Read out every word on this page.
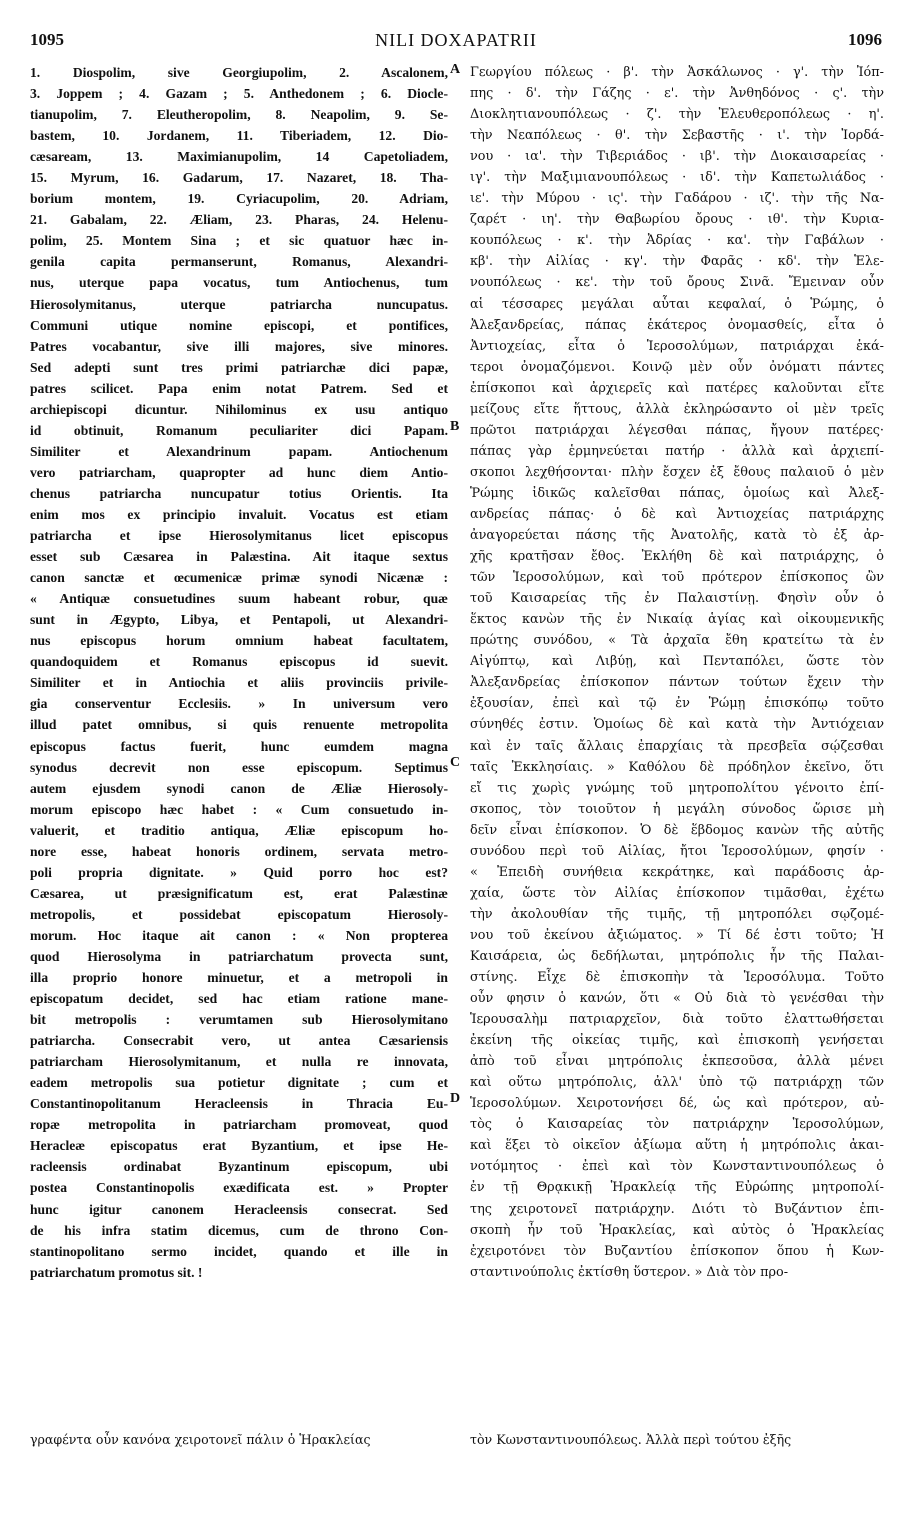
1095	NILI DOXAPATRII	1096
1. Diospolim, sive Georgiupolim, 2. Ascalonem,
3. Joppem ; 4. Gazam ; 5. Anthedonem ; 6. Diocle-
tianupolim, 7. Eleutheropolim, 8. Neapolim, 9. Se-
bastem, 10. Jordanem, 11. Tiberiadem, 12. Dio-
cæsaream, 13. Maximianupolim, 14 Capetoliadem,
15. Myrum, 16. Gadarum, 17. Nazaret, 18. Tha-
borium montem, 19. Cyriacupolim, 20. Adriam,
21. Gabalam, 22. Æliam, 23. Pharas, 24. Helenu-
polim, 25. Montem Sina ; et sic quatuor hæc in-
genila capita permanserunt, Romanus, Alexandri-
nus, uterque papa vocatus, tum Antiochenus, tum
Hierosolymitanus, uterque patriarcha nuncupatus.
Communi utique nomine episcopi, et pontifices,
Patres vocabantur, sive illi majores, sive minores.
Sed adepti sunt tres primi patriarchæ dici papæ,
patres scilicet. Papa enim notat Patrem. Sed et
archiepiscopi dicuntur. Nihilominus ex usu antiquo
id obtinuit, Romanum peculiariter dici Papam.
Similiter et Alexandrinum papam. Antiochenum
vero patriarcham, quapropter ad hunc diem Antio-
chenus patriarcha nuncupatur totius Orientis. Ita
enim mos ex principio invaluit. Vocatus est etiam
patriarcha et ipse Hierosolymitanus licet episcopus
esset sub Cæsarea in Palæstina. Ait itaque sextus
canon sanctæ et œcumenicæ primæ synodi Nicænæ :
« Antiquæ consuetudines suum habeant robur, quæ
sunt in Ægypto, Libya, et Pentapoli, ut Alexandri-
nus episcopus horum omnium habeat facultatem,
quandoquidem et Romanus episcopus id suevit.
Similiter et in Antiochia et aliis provinciis privile-
gia conserventur Ecclesiis. » In universum vero
illud patet omnibus, si quis renuente metropolita
episcopus factus fuerit, hunc eumdem magna
synodus decrevit non esse episcopum. Septimus
autem ejusdem synodi canon de Æliæ Hierosoly-
morum episcopo hæc habet : « Cum consuetudo in-
valuerit, et traditio antiqua, Æliæ episcopum ho-
nore esse, habeat honoris ordinem, servata metro-
poli propria dignitate. » Quid porro hoc est?
Cæsarea, ut præsignificatum est, erat Palæstinæ
metropolis, et possidebat episcopatum Hierosoly-
morum. Hoc itaque ait canon : « Non propterea
quod Hierosolyma in patriarchatum provecta sunt,
illa proprio honore minuetur, et a metropoli in
episcopatum decidet, sed hac etiam ratione mane-
bit metropolis : verumtamen sub Hierosolymitano
patriarcha. Consecrabit vero, ut antea Cæsariensis
patriarcham Hierosolymitanum, et nulla re innovata,
eadem metropolis sua potietur dignitate ; cum et
Constantinopolitanum Heracleensis in Thracia Eu-
ropæ metropolita in patriarcham promoveat, quod
Heracleæ episcopatus erat Byzantium, et ipse He-
racleensis ordinabat Byzantinum episcopum, ubi
postea Constantinopolis exædificata est. » Propter
hunc igitur canonem Heracleensis consecrat. Sed
de his infra statim dicemus, cum de throno Con-
stantinopolitano sermo incidet, quando et ille in
patriarchatum promotus sit. !
Γεωργίου πόλεως · β'. τὴν Ἀσκάλωνος · γ'. τὴν Ἰόπ-
πης · δ'. τὴν Γάζης · ε'. τὴν Ἀνθηδόνος · ς'. τὴν
Διοκλητιανουπόλεως · ζ'. τὴν Ἐλευθεροπόλεως · η'.
τὴν Νεαπόλεως · θ'. τὴν Σεβαστῆς · ι'. τὴν Ἰορδά-
νου · ια'. τὴν Τιβεριάδος · ιβ'. τὴν Διοκαισαρείας ·
ιγ'. τὴν Μαξιμιανουπόλεως · ιδ'. τὴν Καπετωλιάδος ·
ιε'. τὴν Μύρου · ις'. τὴν Γαδάρου · ιζ'. τὴν τῆς Να-
ζαρέτ · ιη'. τὴν Θαβωρίου ὄρους · ιθ'. τὴν Κυρια-
κουπόλεως · κ'. τὴν Ἀδρίας · κα'. τὴν Γαβάλων ·
κβ'. τὴν Αἰλίας · κγ'. τὴν Φαρᾶς · κδ'. τὴν Ἑλε-
νουπόλεως · κε'. τὴν τοῦ ὄρους Σινᾶ. Ἔμειναν οὖν
αἱ τέσσαρες μεγάλαι αὗται κεφαλαί, ὁ Ῥώμης, ὁ
Ἀλεξανδρείας, πάπας ἑκάτερος ὀνομασθείς, εἶτα ὁ
Ἀντιοχείας, εἶτα ὁ Ἱεροσολύμων, πατριάρχαι ἑκά-
τεροι ὀνομαζόμενοι. Κοινῷ μὲν οὖν ὀνόματι πάντες
ἐπίσκοποι καὶ ἀρχιερεῖς καὶ πατέρες καλοῦνται εἴτε
μείζους εἴτε ἥττους, ἀλλὰ ἐκληρώσαντο οἱ μὲν τρεῖς
πρῶτοι πατριάρχαι λέγεσθαι πάπας, ἤγουν πατέρες·
πάπας γὰρ ἑρμηνεύεται πατήρ · ἀλλὰ καὶ ἀρχιεπί-
σκοποι λεχθήσονται· πλὴν ἔσχεν ἐξ ἔθους παλαιοῦ ὁ μὲν
Ῥώμης ἰδικῶς καλεῖσθαι πάπας, ὁμοίως καὶ Ἀλεξ-
ανδρείας πάπας· ὁ δὲ καὶ Ἀντιοχείας πατριάρχης
ἀναγορεύεται πάσης τῆς Ἀνατολῆς, κατὰ τὸ ἐξ ἀρ-
χῆς κρατῆσαν ἔθος. Ἐκλήθη δὲ καὶ πατριάρχης, ὁ
τῶν Ἱεροσολύμων, καὶ τοῦ πρότερον ἐπίσκοπος ὢν
τοῦ Καισαρείας τῆς ἐν Παλαιστίνῃ. Φησὶν οὖν ὁ
ἕκτος κανὼν τῆς ἐν Νικαίᾳ ἁγίας καὶ οἰκουμενικῆς
πρώτης συνόδου, « Τὰ ἀρχαῖα ἔθη κρατείτω τὰ ἐν
Αἰγύπτῳ, καὶ Λιβύῃ, καὶ Πενταπόλει, ὥστε τὸν
Ἀλεξανδρείας ἐπίσκοπον πάντων τούτων ἔχειν τὴν
ἐξουσίαν, ἐπεὶ καὶ τῷ ἐν Ῥώμῃ ἐπισκόπῳ τοῦτο
σύνηθές ἐστιν. Ὁμοίως δὲ καὶ κατὰ τὴν Ἀντιόχειαν
καὶ ἐν ταῖς ἄλλαις ἐπαρχίαις τὰ πρεσβεῖα σῴζεσθαι
ταῖς Ἐκκλησίαις. » Καθόλου δὲ πρόδηλον ἐκεῖνο, ὅτι
εἴ τις χωρὶς γνώμης τοῦ μητροπολίτου γένοιτο ἐπί-
σκοπος, τὸν τοιοῦτον ἡ μεγάλη σύνοδος ὥρισε μὴ
δεῖν εἶναι ἐπίσκοπον. Ὁ δὲ ἕβδομος κανὼν τῆς αὐτῆς
συνόδου περὶ τοῦ Αἰλίας, ἤτοι Ἱεροσολύμων, φησίν ·
« Ἐπειδὴ συνήθεια κεκράτηκε, καὶ παράδοσις ἀρ-
χαία, ὥστε τὸν Αἰλίας ἐπίσκοπον τιμᾶσθαι, ἐχέτω
τὴν ἀκολουθίαν τῆς τιμῆς, τῇ μητροπόλει σῳζομέ-
νου τοῦ ἐκείνου ἀξιώματος. » Τί δέ ἐστι τοῦτο; Ἡ
Καισάρεια, ὡς δεδήλωται, μητρόπολις ἦν τῆς Παλαι-
στίνης. Εἶχε δὲ ἐπισκοπὴν τὰ Ἱεροσόλυμα. Τοῦτο
οὖν φησιν ὁ κανών, ὅτι « Οὐ διὰ τὸ γενέσθαι τὴν
Ἱερουσαλὴμ πατριαρχεῖον, διὰ τοῦτο ἐλαττωθήσεται
ἐκείνη τῆς οἰκείας τιμῆς, καὶ ἐπισκοπὴ γενήσεται
ἀπὸ τοῦ εἶναι μητρόπολις ἐκπεσοῦσα, ἀλλὰ μένει
καὶ οὕτω μητρόπολις, ἀλλ' ὑπὸ τῷ πατριάρχῃ τῶν
Ἱεροσολύμων. Χειροτονήσει δέ, ὡς καὶ πρότερον, αὐ-
τὸς ὁ Καισαρείας τὸν πατριάρχην Ἱεροσολύμων,
καὶ ἕξει τὸ οἰκεῖον ἀξίωμα αὕτη ἡ μητρόπολις ἀκαι-
νοτόμητος · ἐπεὶ καὶ τὸν Κωνσταντινουπόλεως ὁ
ἐν τῇ Θρᾳκικῇ Ἡρακλείᾳ τῆς Εὐρώπης μητροπολί-
της χειροτονεῖ πατριάρχην. Διότι τὸ Βυζάντιον ἐπι-
σκοπὴ ἦν τοῦ Ἡρακλείας, καὶ αὐτὸς ὁ Ἡρακλείας
ἐχειροτόνει τὸν Βυζαντίου ἐπίσκοπον ὅπου ἡ Κων-
σταντινούπολις ἐκτίσθη ὕστερον. » Διὰ τὸν προ-
A
B
C
D
γραφέντα οὖν κανόνα χειροτονεῖ πάλιν ὁ Ἡρακλείας	τὸν Κωνσταντινουπόλεως. Ἀλλὰ περὶ τούτου ἐξῆς
